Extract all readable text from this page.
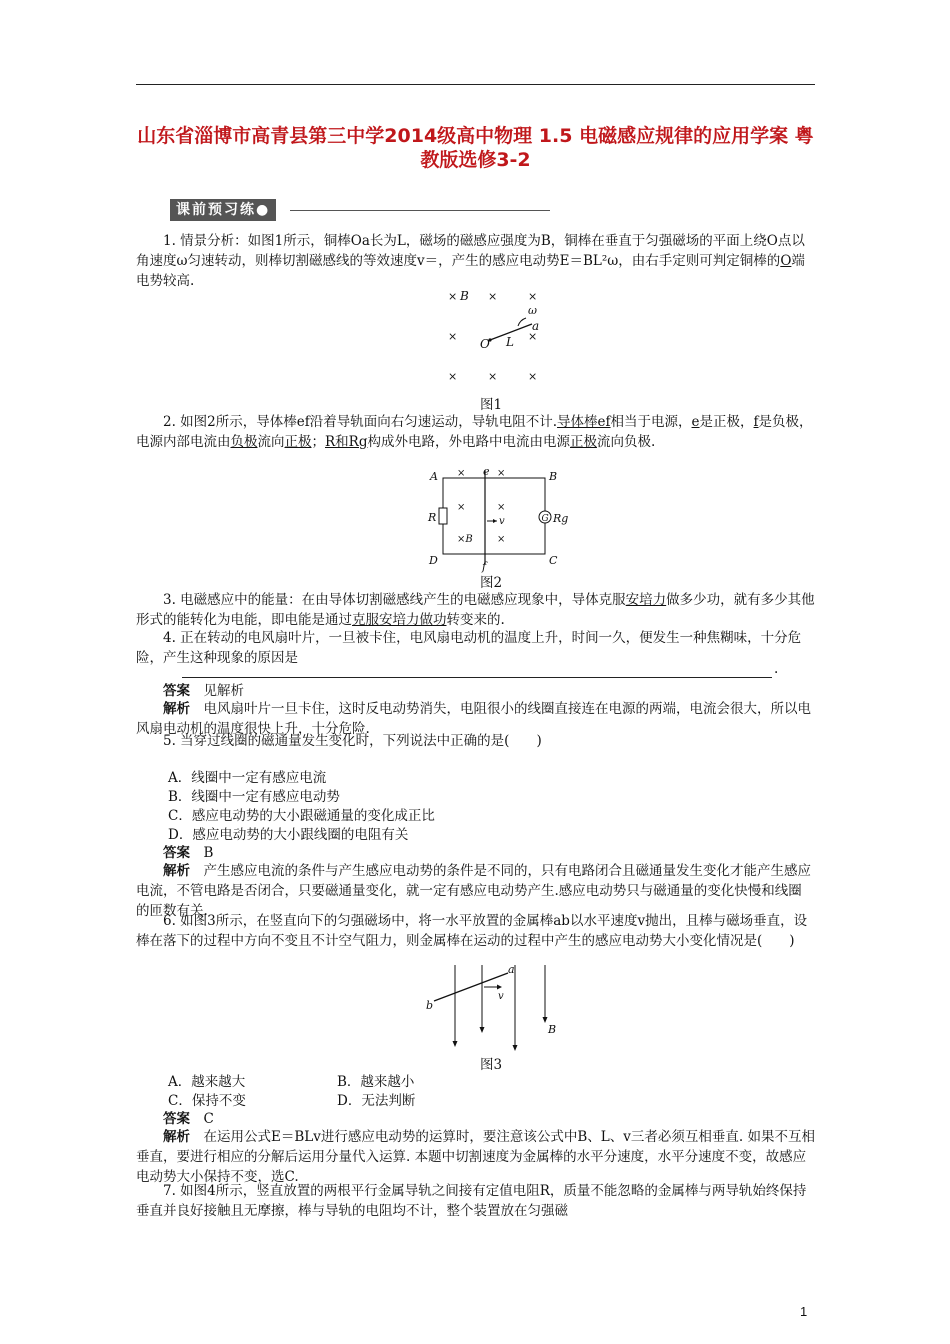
山东省淄博市高青县第三中学2014级高中物理 1.5 电磁感应规律的应用学案 粤教版选修3-2
课前预习练●
1. 情景分析：如图1所示，铜棒Oa长为L，磁场的磁感应强度为B，铜棒在垂直于匀强磁场的平面上绕O点以角速度ω匀速转动，则棒切割磁感线的等效速度v＝，产生的感应电动势E＝BL²ω，由右手定则可判定铜棒的O端电势较高.
× B ×	×
ω
×	×
a
O L
×	×	×
图1
2. 如图2所示，导体棒ef沿着导轨面向右匀速运动，导轨电阻不计.导体棒ef相当于电源，e是正极，f是负极，电源内部电流由负极流向正极；R和Rg构成外电路，外电路中电流由电源正极流向负极.
G
A	B
C
D
e
f
R	Rg
×	×
×	×
v
×B ×
图2
3. 电磁感应中的能量：在由导体切割磁感线产生的电磁感应现象中，导体克服安培力做多少功，就有多少其他形式的能转化为电能，即电能是通过克服安培力做功转变来的.
4. 正在转动的电风扇叶片，一旦被卡住，电风扇电动机的温度上升，时间一久，便发生一种焦糊味，十分危险，产生这种现象的原因是
.
答案　 见解析
解析　 电风扇叶片一旦卡住，这时反电动势消失，电阻很小的线圈直接连在电源的两端，电流会很大，所以电风扇电动机的温度很快上升，十分危险.
5. 当穿过线圈的磁通量发生变化时，下列说法中正确的是(　　)
A．线圈中一定有感应电流
B．线圈中一定有感应电动势
C．感应电动势的大小跟磁通量的变化成正比
D．感应电动势的大小跟线圈的电阻有关
答案　 B
解析　 产生感应电流的条件与产生感应电动势的条件是不同的，只有电路闭合且磁通量发生变化才能产生感应电流，不管电路是否闭合，只要磁通量变化，就一定有感应电动势产生.感应电动势只与磁通量的变化快慢和线圈的匝数有关.
6. 如图3所示，在竖直向下的匀强磁场中，将一水平放置的金属棒ab以水平速度v抛出，且棒与磁场垂直，设棒在落下的过程中方向不变且不计空气阻力，则金属棒在运动的过程中产生的感应电动势大小变化情况是(　　)
a
b
v
B
图3
A．越来越大	B．越来越小
C．保持不变	D．无法判断
答案　 C
解析　 在运用公式E＝BLv进行感应电动势的运算时，要注意该公式中B、L、v三者必须互相垂直. 如果不互相垂直，要进行相应的分解后运用分量代入运算. 本题中切割速度为金属棒的水平分速度，水平分速度不变，故感应电动势大小保持不变，选C.
7. 如图4所示，竖直放置的两根平行金属导轨之间接有定值电阻R，质量不能忽略的金属棒与两导轨始终保持垂直并良好接触且无摩擦，棒与导轨的电阻均不计，整个装置放在匀强磁
1
